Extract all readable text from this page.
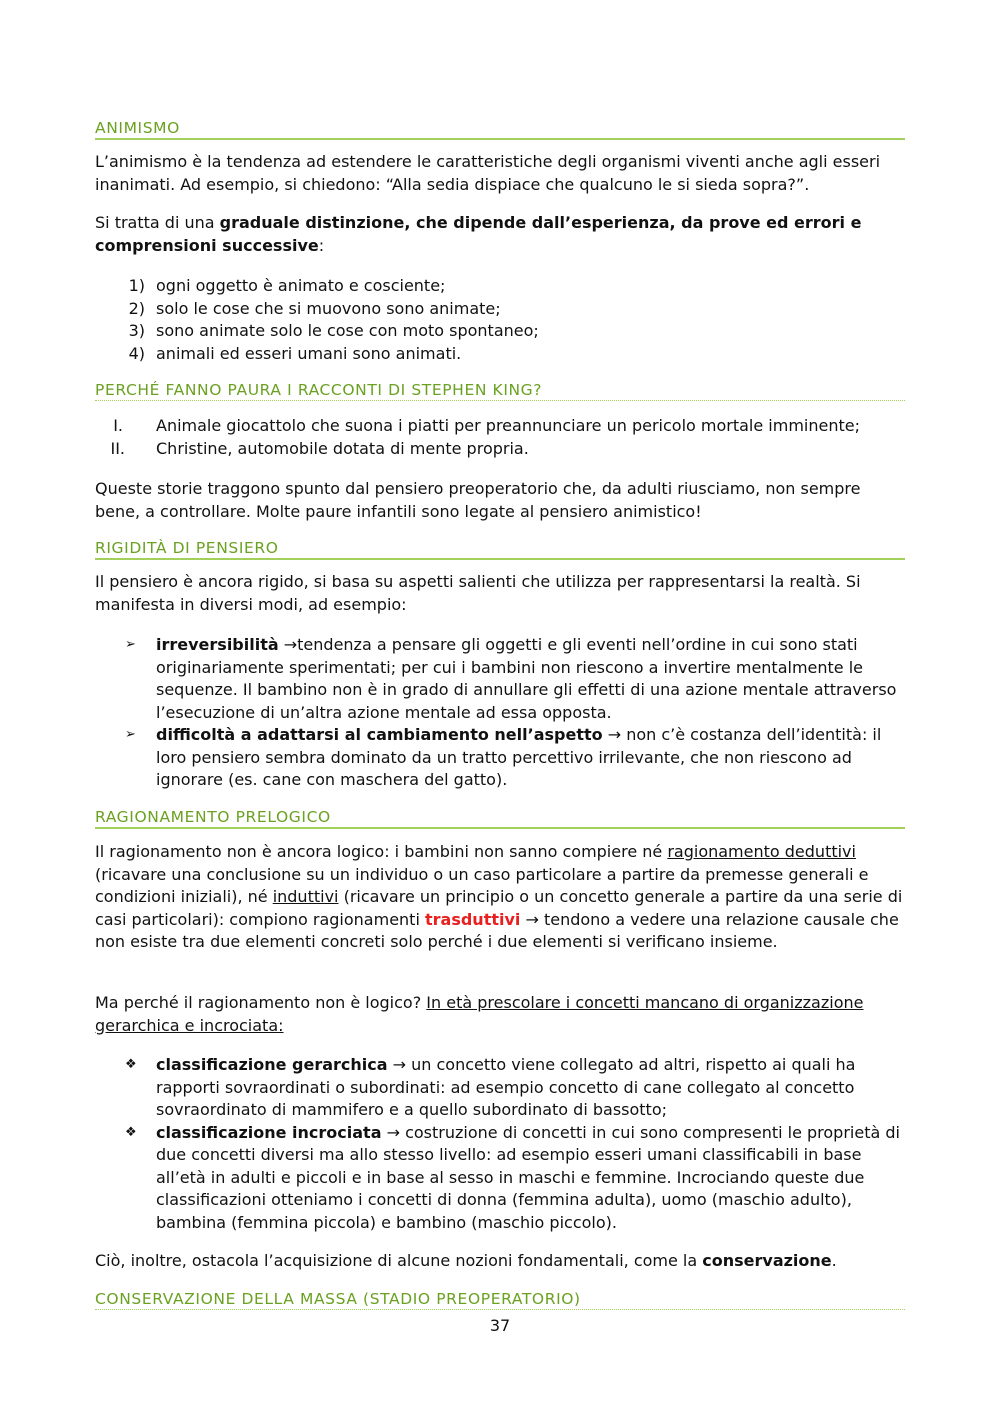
ANIMISMO
L’animismo è la tendenza ad estendere le caratteristiche degli organismi viventi anche agli esseri inanimati. Ad esempio, si chiedono: “Alla sedia dispiace che qualcuno le si sieda sopra?”.
Si tratta di una graduale distinzione, che dipende dall’esperienza, da prove ed errori e comprensioni successive:
1) ogni oggetto è animato e cosciente;
2) solo le cose che si muovono sono animate;
3) sono animate solo le cose con moto spontaneo;
4) animali ed esseri umani sono animati.
PERCHÉ FANNO PAURA I RACCONTI DI STEPHEN KING?
I. Animale giocattolo che suona i piatti per preannunciare un pericolo mortale imminente;
II. Christine, automobile dotata di mente propria.
Queste storie traggono spunto dal pensiero preoperatorio che, da adulti riusciamo, non sempre bene, a controllare. Molte paure infantili sono legate al pensiero animistico!
RIGIDITÀ DI PENSIERO
Il pensiero è ancora rigido, si basa su aspetti salienti che utilizza per rappresentarsi la realtà. Si manifesta in diversi modi, ad esempio:
➢	irreversibilità →tendenza a pensare gli oggetti e gli eventi nell’ordine in cui sono stati originariamente sperimentati; per cui i bambini non riescono a invertire mentalmente le sequenze. Il bambino non è in grado di annullare gli effetti di una azione mentale attraverso l’esecuzione di un’altra azione mentale ad essa opposta.
➢	difficoltà a adattarsi al cambiamento nell’aspetto → non c’è costanza dell’identità: il loro pensiero sembra dominato da un tratto percettivo irrilevante, che non riescono ad ignorare (es. cane con maschera del gatto).
RAGIONAMENTO PRELOGICO
Il ragionamento non è ancora logico: i bambini non sanno compiere né ragionamento deduttivi (ricavare una conclusione su un individuo o un caso particolare a partire da premesse generali e condizioni iniziali), né induttivi (ricavare un principio o un concetto generale a partire da una serie di casi particolari): compiono ragionamenti trasduttivi → tendono a vedere una relazione causale che non esiste tra due elementi concreti solo perché i due elementi si verificano insieme.
Ma perché il ragionamento non è logico? In età prescolare i concetti mancano di organizzazione gerarchica e incrociata:
❖	classificazione gerarchica → un concetto viene collegato ad altri, rispetto ai quali ha rapporti sovraordinati o subordinati: ad esempio concetto di cane collegato al concetto sovraordinato di mammifero e a quello subordinato di bassotto;
❖	classificazione incrociata → costruzione di concetti in cui sono compresenti le proprietà di due concetti diversi ma allo stesso livello: ad esempio esseri umani classificabili in base all’età in adulti e piccoli e in base al sesso in maschi e femmine. Incrociando queste due classificazioni otteniamo i concetti di donna (femmina adulta), uomo (maschio adulto), bambina (femmina piccola) e bambino (maschio piccolo).
Ciò, inoltre, ostacola l’acquisizione di alcune nozioni fondamentali, come la conservazione.
CONSERVAZIONE DELLA MASSA (STADIO PREOPERATORIO)
37
